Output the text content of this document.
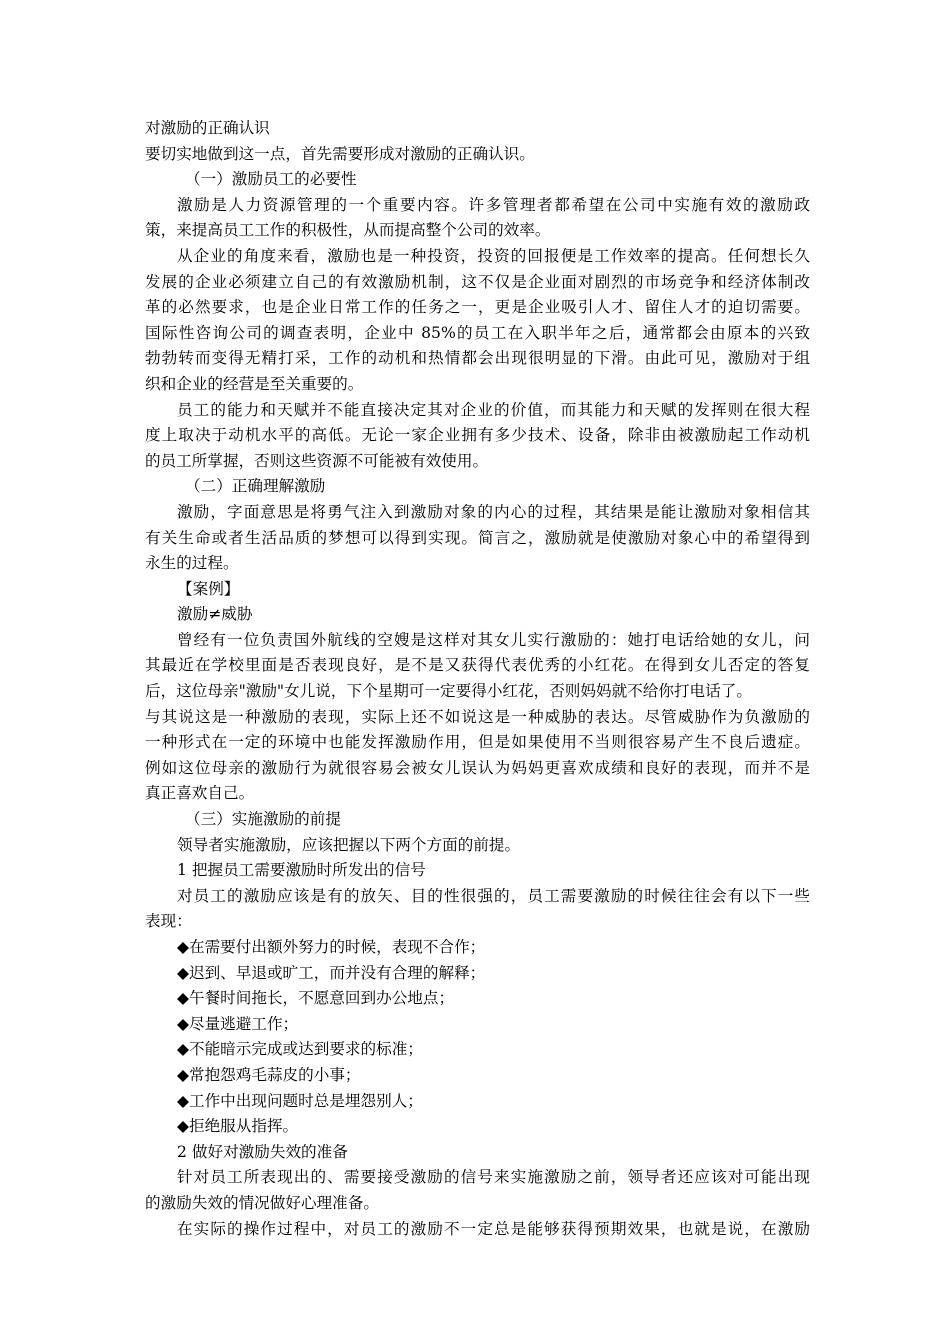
对激励的正确认识
要切实地做到这一点，首先需要形成对激励的正确认识。
（一）激励员工的必要性
激励是人力资源管理的一个重要内容。许多管理者都希望在公司中实施有效的激励政
策，来提高员工工作的积极性，从而提高整个公司的效率。
从企业的角度来看，激励也是一种投资，投资的回报便是工作效率的提高。任何想长久
发展的企业必须建立自己的有效激励机制，这不仅是企业面对剧烈的市场竞争和经济体制改
革的必然要求，也是企业日常工作的任务之一，更是企业吸引人才、留住人才的迫切需要。
国际性咨询公司的调查表明，企业中 85%的员工在入职半年之后，通常都会由原本的兴致
勃勃转而变得无精打采，工作的动机和热情都会出现很明显的下滑。由此可见，激励对于组
织和企业的经营是至关重要的。
员工的能力和天赋并不能直接决定其对企业的价值，而其能力和天赋的发挥则在很大程
度上取决于动机水平的高低。无论一家企业拥有多少技术、设备，除非由被激励起工作动机
的员工所掌握，否则这些资源不可能被有效使用。
（二）正确理解激励
激励，字面意思是将勇气注入到激励对象的内心的过程，其结果是能让激励对象相信其
有关生命或者生活品质的梦想可以得到实现。简言之，激励就是使激励对象心中的希望得到
永生的过程。
【案例】
激励≠威胁
曾经有一位负责国外航线的空嫂是这样对其女儿实行激励的：她打电话给她的女儿，问
其最近在学校里面是否表现良好，是不是又获得代表优秀的小红花。在得到女儿否定的答复
后，这位母亲"激励"女儿说，下个星期可一定要得小红花，否则妈妈就不给你打电话了。
与其说这是一种激励的表现，实际上还不如说这是一种威胁的表达。尽管威胁作为负激励的
一种形式在一定的环境中也能发挥激励作用，但是如果使用不当则很容易产生不良后遗症。
例如这位母亲的激励行为就很容易会被女儿误认为妈妈更喜欢成绩和良好的表现，而并不是
真正喜欢自己。
（三）实施激励的前提
领导者实施激励，应该把握以下两个方面的前提。
1 把握员工需要激励时所发出的信号
对员工的激励应该是有的放矢、目的性很强的，员工需要激励的时候往往会有以下一些
表现：
◆在需要付出额外努力的时候，表现不合作；
◆迟到、早退或旷工，而并没有合理的解释；
◆午餐时间拖长，不愿意回到办公地点；
◆尽量逃避工作；
◆不能暗示完成或达到要求的标准；
◆常抱怨鸡毛蒜皮的小事；
◆工作中出现问题时总是埋怨别人；
◆拒绝服从指挥。
2 做好对激励失效的准备
针对员工所表现出的、需要接受激励的信号来实施激励之前，领导者还应该对可能出现
的激励失效的情况做好心理准备。
在实际的操作过程中，对员工的激励不一定总是能够获得预期效果，也就是说，在激励
